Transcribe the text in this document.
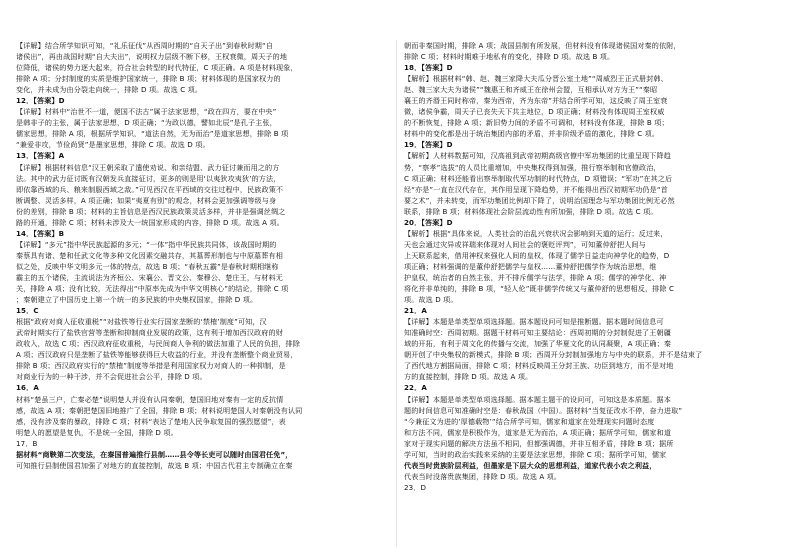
【详解】结合所学知识可知，“礼乐征伐”从西周时期的“自天子出”到春秋时期“自
诸侯出”，再由战国时期“自大夫出”，说明权力层级不断下移，王权衰微，周天子的地
位降低，诸侯的势力逐大起来，符合社会转型的时代特征，C 项正确。A 项是材料现象，
排除 A 项；分封制度的实质是维护国家统一，排除 B 项；材料体现的是国家权力的
变化，并未成为由分裂走向统一，排除 D 项。故选 C 项。
12．【答案】D
【详解】材料中“治世不一道，便国不法古”属于法家思想，“政在四方，要在中央”
是韩非子的主张，属于法家思想，D 项正确；“为政以德，譬如北辰”是孔子主张，
儒家思想，排除 A 项，根据所学知识，“道法自然，无为而治”是道家思想，排除 B 项
“兼爱非攻，节俭尚贤”是墨家思想，排除 C 项。故选 D 项。
13．【答案】A
【详解】根据材料信息“汉王朝采取了遣使劝说、和亲结盟、武力征讨兼而用之的方
法。其中的武力征讨既有汉朝发兵直接征讨，更多的则是用‘以夷狄攻夷狄’的方法，
即依靠西域的兵、粮来制服西域之敌。”可见西汉在平西域的交往过程中，民族政策不
断调整、灵活多样，A 项正确；如果“夷夏有别”的观念，材料会更加强调等级与身
份的差别，排除 B 项；材料的主旨信息是西汉民族政策灵活多样，并非是强调丝绸之
路的开通，排除 C 项；材料未涉及大一统国家形成的内容，排除 D 项。故选 A 项。
14．【答案】B
【详解】“多元”指中华民族起源的多元；“一体”指中华民族共同体，该战国时期的
秦蔡具有诸、楚和任武文化等多种文化因素交融共存，其墓葬形制也与中原墓葬有相
似之处，反映中华文明多元一体的特点，故选 B 项；“春秋五霸”是春秋时期相继称
霸主的五个诸侯，主流说法为齐桓公、宋襄公、晋文公、秦穆公、楚庄王，与材料无
关，排除 A 项；没有比较，无法得出“中原率先成为中华文明核心”的结论，排除 C 项
；秦朝建立了中国历史上第一个统一的多民族的中央集权国家，排除 D 项。
15．C
根据“政府对商人征收重税”“对盐铁等行业实行国家垄断的‘禁榷’制度”可知，汉
武帝时期实行了盐铁官营等垄断和抑制商业发展的政策，这有利于增加西汉政府的财
政收入，故选 C 项；西汉政府征收重税，与民间商人争利的做法加重了人民的负担，排除
A 项；西汉政府只是垄断了盐铁等能够获得巨大收益的行业，并没有垄断整个商业贸易，
排除 B 项；西汉政府实行的“禁榷”制度等举措是利用国家权力对商人的一种抑制，是
对商业行为的一种干涉，并不会促进社会公平，排除 D 项。
16．A
材料“楚虽三户，亡秦必楚”说明楚人并没有认同秦朝，楚国旧地对秦有一定的反抗情
感，故选 A 项；秦朝把楚国旧地推广了全国，排除 B 项；材料说明楚国人对秦朝没有认同
感，没有涉及秦的暴政，排除 C 项；材料“表达了楚地人民争取复国的强烈愿望”，表
明楚人的愿望是复仇，不是统一全国，排除 D 项。
17．B
据材料“商鞅第二次变法，在秦国普遍推行县制……县令等长吏可以随时由国君任免”，
可知推行县制使国君加强了对地方的直接控制，故选 B 项；中国古代君主专制确立在秦
朝而非秦国时期，排除 A 项；战国县制有所发展，但材料没有体现诸侯国对秦的依附，
排除 C 项；材料时期难于地私有的变化，排除 D 项。故选 B 项。
18．【答案】D
【解析】根据材料“韩、赵、魏三家降大夫瓜分晋公室土地”“周威烈王正式册封韩、
赵、魏三家大夫为诸侯”“魏惠王和齐威王在徐州会盟，互相承认对方为王”“秦昭
襄王的齐湣王同时称帝，秦为西帝，齐为东帝”并结合所学可知，这反映了周王室衰
微，诸侯争霸，周天子已丧失天下共主地位，D 项正确；材料没有体现周王室权威
的不断恢复，排除 A 项；新旧势力间的矛盾不可调和，材料没有体现，排除 B 项；
材料中的变化都是出于统治集团内部的矛盾，并非阶级矛盾的激化，排除 C 项。
19．【答案】D
【解析】人材料数据可知，汉高祖到武帝初期高级官僚中军功集团的比重呈现下降趋
势，“察孝”选拔“的人员比重增加，中央集权得到加强，推行察举制和官僚政治，
C 项正确；材料还能看出察举制取代军功制的时代特点，D 项错误；“军功”在其之后
经“亦是”一直在汉代存在，其作用呈现下降趋势，并不能得出西汉初期军功仍是“首
要之术”，并未转变，而军功集团比例却下降了，说明治国理念与军功集团比例无必然
联系，排除 B 项；材料体现社会阶层流动性有所加强，排除 D 项。故选 C 项。
20．【答案】D
【解析】根据“具体来说，人类社会的治乱兴衰状况会影响到天道的运行；反过来，
天也会通过灾异或祥瑞来体现对人间社会的褒贬评判”，可知董仲舒把人间与
上天联系起来，借用神权来强化人间的皇权，体现了儒学日益走向神学化的趋势，D
项正确；材料强调的是董仲舒把儒学与皇权……董仲舒把儒学作为统治思想，维
护皇权，统治者的自然主张，并不排斥儒学与法学，排除 A 项；儒学的神学化、神
将化并非单纯的，排除 B 项，“轻人伦”既非儒学传统又与董仲舒的思想相反，排除 C
项。故选 D 项。
21．A
【详解】本题是单类型单项选择题。据本题设问可知是推断题。据本题时间信息可
知准确时空：西周初期。据题干材料可知主要结论：西周初期的分封制促进了王朝疆
域的开拓，有利于周文化的传播与交流，加强了华夏文化的认同凝聚，A 项正确；秦
朝开创了中央集权的新模式，排除 B 项；西周开分封制加强地方与中央的联系，并不是结束了
了西代地方割据局面，排除 C 项；材料反映周王分封王族、功臣到地方，而不是对地
方的直接控制，排除 D 项。故选 A 项。
22．A
【详解】本题是单类型单项选择题。据本题主题干的设问可，可知这是本质题。据本
题的时间信息可知准确时空是：春秋战国（中国）。据材料“当复征改水不停，奋力进取”
“今兼征文为进的’厚德载物’”结合所学可知，儒家和道家在处理现实问题时态度
和方法不同，儒家是积极作为，道家是无为而治，A 项正确；据所学可知，儒家和道
家对于现实问题的解决方法虽不相同，但都强调德，并非互相矛盾，排除 B 项；据所
学可知，当时的政治实践来采纳的主要是法家思想，排除 C 项；据所学可知，儒家
代表当时贵族阶层利益，但墨家是下层大众的思想利益，道家代表小农之利益，
代表当时没落贵族集团，排除 D 项。故选 A 项。
23．D
